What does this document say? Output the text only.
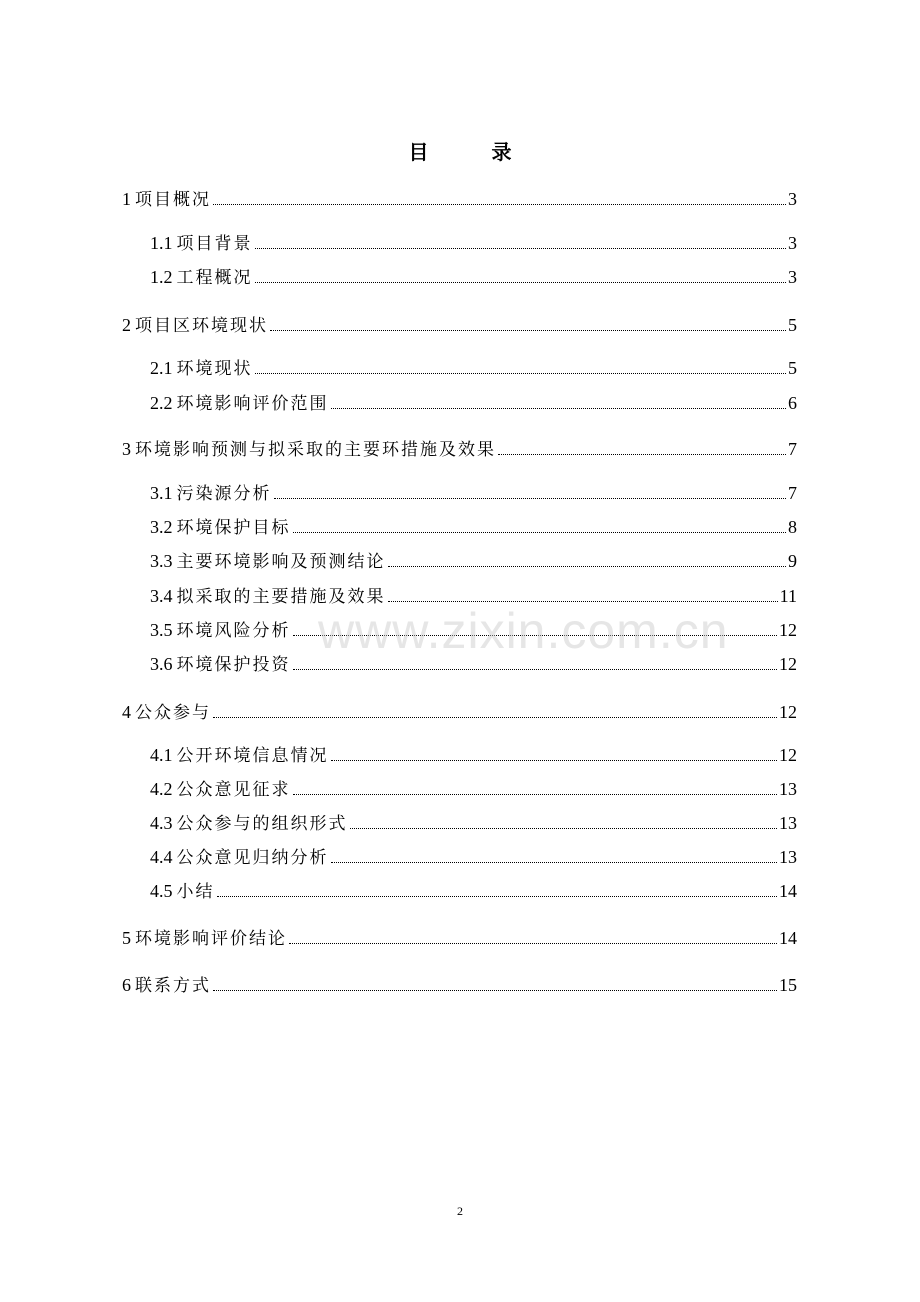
目 录
1 项目概况	3
1.1 项目背景	3
1.2 工程概况	3
2 项目区环境现状	5
2.1 环境现状	5
2.2 环境影响评价范围	6
3 环境影响预测与拟采取的主要环措施及效果	7
3.1 污染源分析	7
3.2 环境保护目标	8
3.3 主要环境影响及预测结论	9
3.4 拟采取的主要措施及效果	11
3.5 环境风险分析	12
3.6 环境保护投资	12
4 公众参与	12
4.1 公开环境信息情况	12
4.2 公众意见征求	13
4.3 公众参与的组织形式	13
4.4 公众意见归纳分析	13
4.5 小结	14
5 环境影响评价结论	14
6 联系方式	15
www.zixin.com.cn
2
